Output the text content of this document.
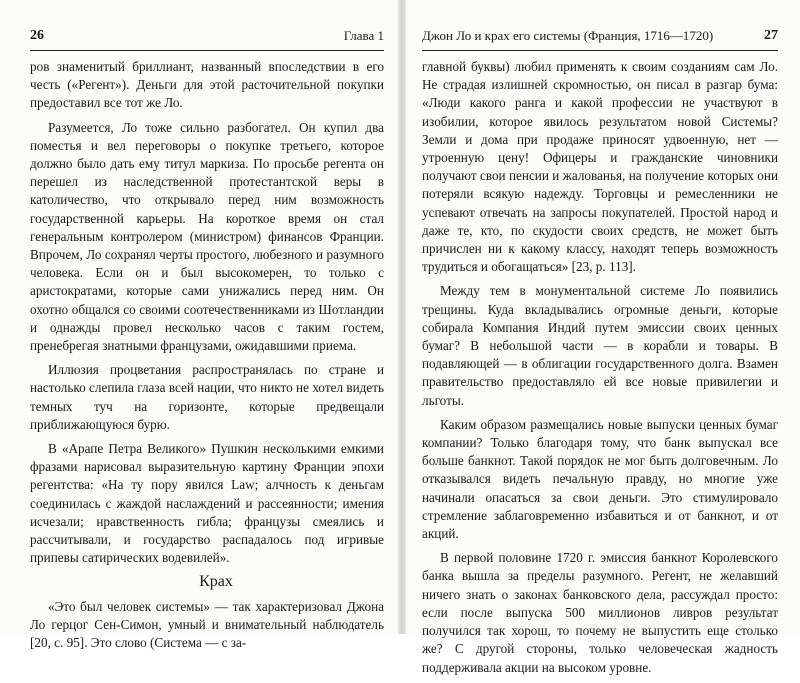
26	Глава 1

ров знаменитый бриллиант, названный впоследствии в его честь («Регент»). Деньги для этой расточительной покупки предоставил все тот же Ло.

Разумеется, Ло тоже сильно разбогател. Он купил два поместья и вел переговоры о покупке третьего, которое должно было дать ему титул маркиза. По просьбе регента он перешел из наследственной протестантской веры в католичество, что открывало перед ним возможность государственной карьеры. На короткое время он стал генеральным контролером (министром) финансов Франции. Впрочем, Ло сохранял черты простого, любезного и разумного человека. Если он и был высокомерен, то только с аристократами, которые сами унижались перед ним. Он охотно общался со своими соотечественниками из Шотландии и однажды провел несколько часов с таким гостем, пренебрегая знатными французами, ожидавшими приема.

Иллюзия процветания распространялась по стране и настолько слепила глаза всей нации, что никто не хотел видеть темных туч на горизонте, которые предвещали приближающуюся бурю.

В «Арапе Петра Великого» Пушкин несколькими емкими фразами нарисовал выразительную картину Франции эпохи регентства: «На ту пору явился Law; алчность к деньгам соединилась с жаждой наслаждений и рассеянности; имения исчезали; нравственность гибла; французы смеялись и рассчитывали, и государство распадалось под игривые припевы сатирических водевилей».

Крах

«Это был человек системы» — так характеризовал Джона Ло герцог Сен-Симон, умный и внимательный наблюдатель [20, с. 95]. Это слово (Система — с за-

Джон Ло и крах его системы (Франция, 1716—1720)	27

главной буквы) любил применять к своим созданиям сам Ло. Не страдая излишней скромностью, он писал в разгар бума: «Люди какого ранга и какой профессии не участвуют в изобилии, которое явилось результатом новой Системы? Земли и дома при продаже приносят удвоенную, нет — утроенную цену! Офицеры и гражданские чиновники получают свои пенсии и жалованья, на получение которых они потеряли всякую надежду. Торговцы и ремесленники не успевают отвечать на запросы покупателей. Простой народ и даже те, кто, по скудости своих средств, не может быть причислен ни к какому классу, находят теперь возможность трудиться и обогащаться» [23, р. 113].

Между тем в монументальной системе Ло появились трещины. Куда вкладывались огромные деньги, которые собирала Компания Индий путем эмиссии своих ценных бумаг? В небольшой части — в корабли и товары. В подавляющей — в облигации государственного долга. Взамен правительство предоставляло ей все новые привилегии и льготы.

Каким образом размещались новые выпуски ценных бумаг компании? Только благодаря тому, что банк выпускал все больше банкнот. Такой порядок не мог быть долговечным. Ло отказывался видеть печальную правду, но многие уже начинали опасаться за свои деньги. Это стимулировало стремление заблаговременно избавиться и от банкнот, и от акций.

В первой половине 1720 г. эмиссия банкнот Королевского банка вышла за пределы разумного. Регент, не желавший ничего знать о законах банковского дела, рассуждал просто: если после выпуска 500 миллионов ливров результат получился так хорош, то почему не выпустить еще столько же? С другой стороны, только человеческая жадность поддерживала акции на высоком уровне.
